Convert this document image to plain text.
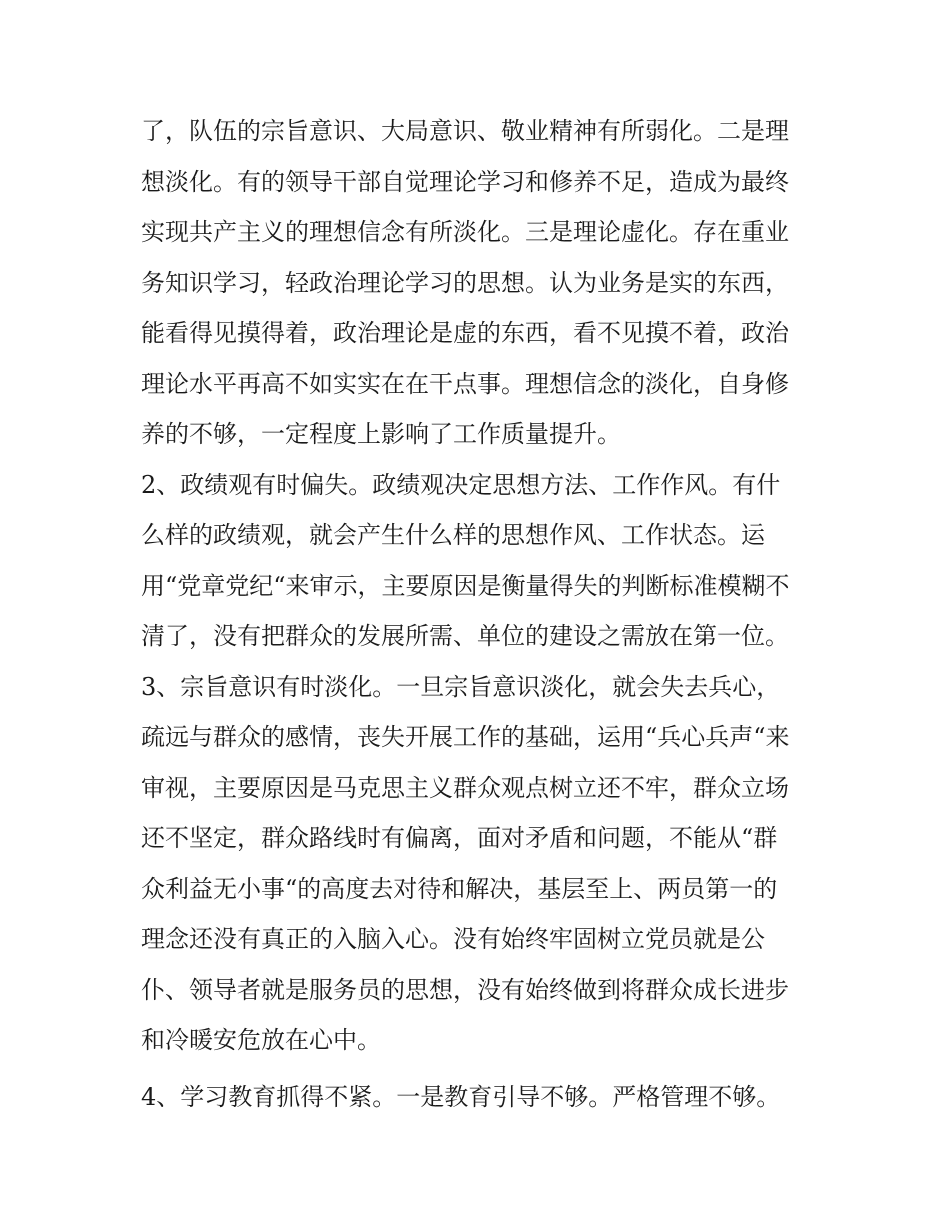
了，队伍的宗旨意识、大局意识、敬业精神有所弱化。二是理
想淡化。有的领导干部自觉理论学习和修养不足，造成为最终
实现共产主义的理想信念有所淡化。三是理论虚化。存在重业
务知识学习，轻政治理论学习的思想。认为业务是实的东西，
能看得见摸得着，政治理论是虚的东西，看不见摸不着，政治
理论水平再高不如实实在在干点事。理想信念的淡化，自身修
养的不够，一定程度上影响了工作质量提升。
2、政绩观有时偏失。政绩观决定思想方法、工作作风。有什
么样的政绩观，就会产生什么样的思想作风、工作状态。运
用“党章党纪“来审示，主要原因是衡量得失的判断标准模糊不
清了，没有把群众的发展所需、单位的建设之需放在第一位。
3、宗旨意识有时淡化。一旦宗旨意识淡化，就会失去兵心，
疏远与群众的感情，丧失开展工作的基础，运用“兵心兵声“来
审视，主要原因是马克思主义群众观点树立还不牢，群众立场
还不坚定，群众路线时有偏离，面对矛盾和问题，不能从“群
众利益无小事“的高度去对待和解决，基层至上、两员第一的
理念还没有真正的入脑入心。没有始终牢固树立党员就是公
仆、领导者就是服务员的思想，没有始终做到将群众成长进步
和冷暖安危放在心中。
4、学习教育抓得不紧。一是教育引导不够。严格管理不够。
